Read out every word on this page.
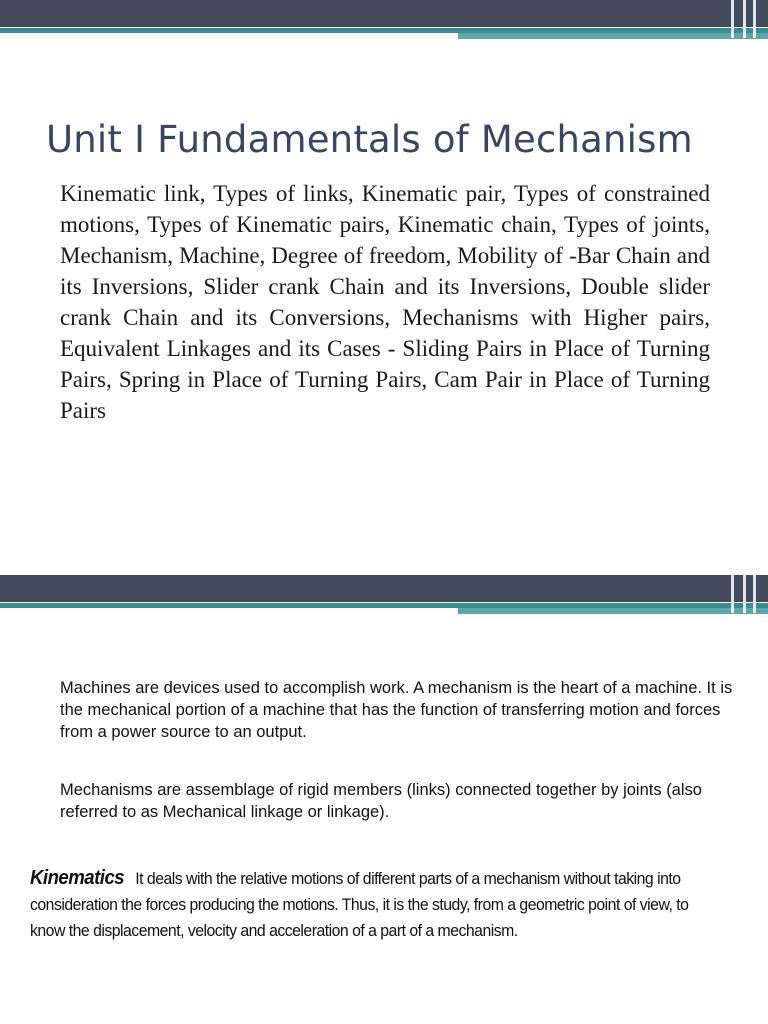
Unit I Fundamentals of Mechanism

Kinematic link, Types of links, Kinematic pair, Types of constrained motions, Types of Kinematic pairs, Kinematic chain, Types of joints, Mechanism, Machine, Degree of freedom, Mobility of -Bar Chain and its Inversions, Slider crank Chain and its Inversions, Double slider crank Chain and its Conversions, Mechanisms with Higher pairs, Equivalent Linkages and its Cases - Sliding Pairs in Place of Turning Pairs, Spring in Place of Turning Pairs, Cam Pair in Place of Turning Pairs

Machines are devices used to accomplish work. A mechanism is the heart of a machine. It is the mechanical portion of a machine that has the function of transferring motion and forces from a power source to an output.

Mechanisms are assemblage of rigid members (links) connected together by joints (also referred to as Mechanical linkage or linkage).

Kinematics It deals with the relative motions of different parts of a mechanism without taking into consideration the forces producing the motions. Thus, it is the study, from a geometric point of view, to know the displacement, velocity and acceleration of a part of a mechanism.
